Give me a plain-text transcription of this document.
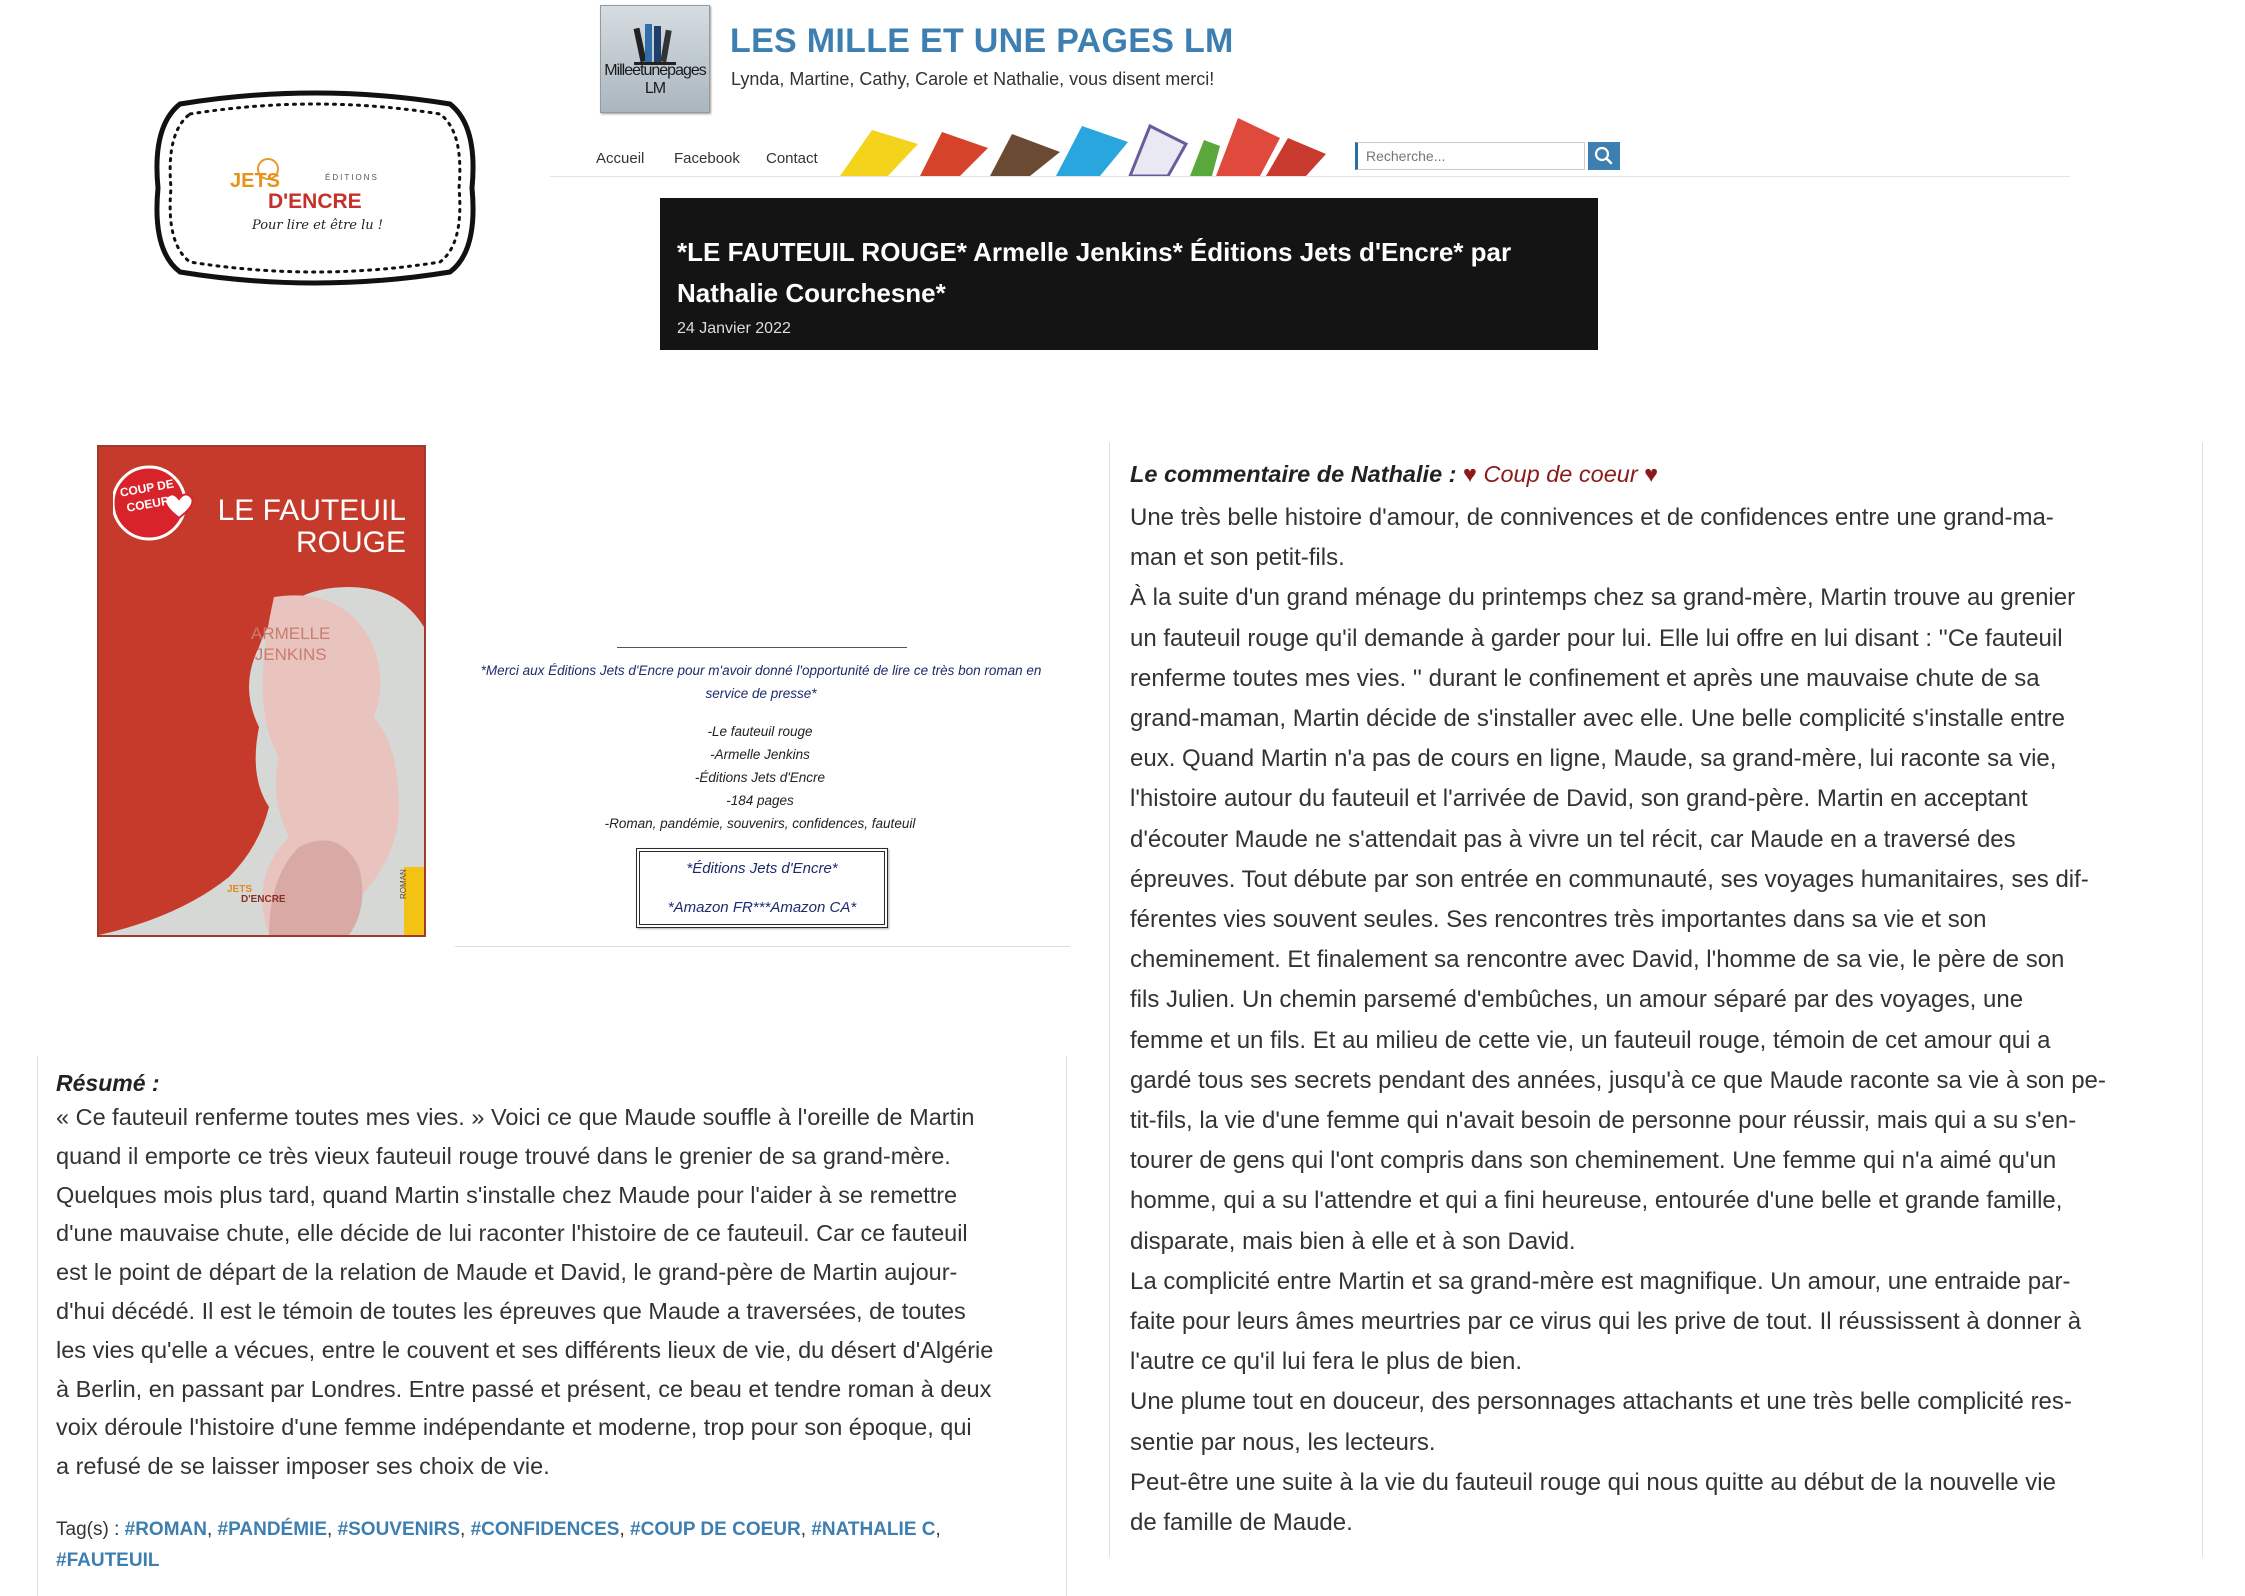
JETS	ÉDITIONS
D'ENCRE
Pour lire et être lu !
Milleetunepages LM
LES MILLE ET UNE PAGES LM
Lynda, Martine, Cathy, Carole et Nathalie, vous disent merci!
Accueil Facebook Contact
Recherche...
*LE FAUTEUIL ROUGE* Armelle Jenkins* Éditions Jets d'Encre* par Nathalie Courchesne*
24 Janvier 2022
COUP DE
COEUR LE FAUTEUIL
ROUGE
ARMELLE
JENKINS
JETS
D'ENCRE
ROMAN
*Merci aux Éditions Jets d'Encre pour m'avoir donné l'opportunité de lire ce très bon roman en service de presse*
-Le fauteuil rouge
-Armelle Jenkins
-Éditions Jets d'Encre
-184 pages
-Roman, pandémie, souvenirs, confidences, fauteuil
*Éditions Jets d'Encre*
*Amazon FR***Amazon CA*
Résumé :
« Ce fauteuil renferme toutes mes vies. » Voici ce que Maude souffle à l'oreille de Martin
quand il emporte ce très vieux fauteuil rouge trouvé dans le grenier de sa grand-mère.
Quelques mois plus tard, quand Martin s'installe chez Maude pour l'aider à se remettre
d'une mauvaise chute, elle décide de lui raconter l'histoire de ce fauteuil. Car ce fauteuil
est le point de départ de la relation de Maude et David, le grand-père de Martin aujour-
d'hui décédé. Il est le témoin de toutes les épreuves que Maude a traversées, de toutes
les vies qu'elle a vécues, entre le couvent et ses différents lieux de vie, du désert d'Algérie
à Berlin, en passant par Londres. Entre passé et présent, ce beau et tendre roman à deux
voix déroule l'histoire d'une femme indépendante et moderne, trop pour son époque, qui
a refusé de se laisser imposer ses choix de vie.
Tag(s) : #ROMAN, #PANDÉMIE, #SOUVENIRS, #CONFIDENCES, #COUP DE COEUR, #NATHALIE C,
#FAUTEUIL
Le commentaire de Nathalie : ♥ Coup de coeur ♥
Une très belle histoire d'amour, de connivences et de confidences entre une grand-ma-
man et son petit-fils.
À la suite d'un grand ménage du printemps chez sa grand-mère, Martin trouve au grenier
un fauteuil rouge qu'il demande à garder pour lui. Elle lui offre en lui disant : ''Ce fauteuil
renferme toutes mes vies. '' durant le confinement et après une mauvaise chute de sa
grand-maman, Martin décide de s'installer avec elle. Une belle complicité s'installe entre
eux. Quand Martin n'a pas de cours en ligne, Maude, sa grand-mère, lui raconte sa vie,
l'histoire autour du fauteuil et l'arrivée de David, son grand-père. Martin en acceptant
d'écouter Maude ne s'attendait pas à vivre un tel récit, car Maude en a traversé des
épreuves. Tout débute par son entrée en communauté, ses voyages humanitaires, ses dif-
férentes vies souvent seules. Ses rencontres très importantes dans sa vie et son
cheminement. Et finalement sa rencontre avec David, l'homme de sa vie, le père de son
fils Julien. Un chemin parsemé d'embûches, un amour séparé par des voyages, une
femme et un fils. Et au milieu de cette vie, un fauteuil rouge, témoin de cet amour qui a
gardé tous ses secrets pendant des années, jusqu'à ce que Maude raconte sa vie à son pe-
tit-fils, la vie d'une femme qui n'avait besoin de personne pour réussir, mais qui a su s'en-
tourer de gens qui l'ont compris dans son cheminement. Une femme qui n'a aimé qu'un
homme, qui a su l'attendre et qui a fini heureuse, entourée d'une belle et grande famille,
disparate, mais bien à elle et à son David.
La complicité entre Martin et sa grand-mère est magnifique. Un amour, une entraide par-
faite pour leurs âmes meurtries par ce virus qui les prive de tout. Il réussissent à donner à
l'autre ce qu'il lui fera le plus de bien.
Une plume tout en douceur, des personnages attachants et une très belle complicité res-
sentie par nous, les lecteurs.
Peut-être une suite à la vie du fauteuil rouge qui nous quitte au début de la nouvelle vie
de famille de Maude.
